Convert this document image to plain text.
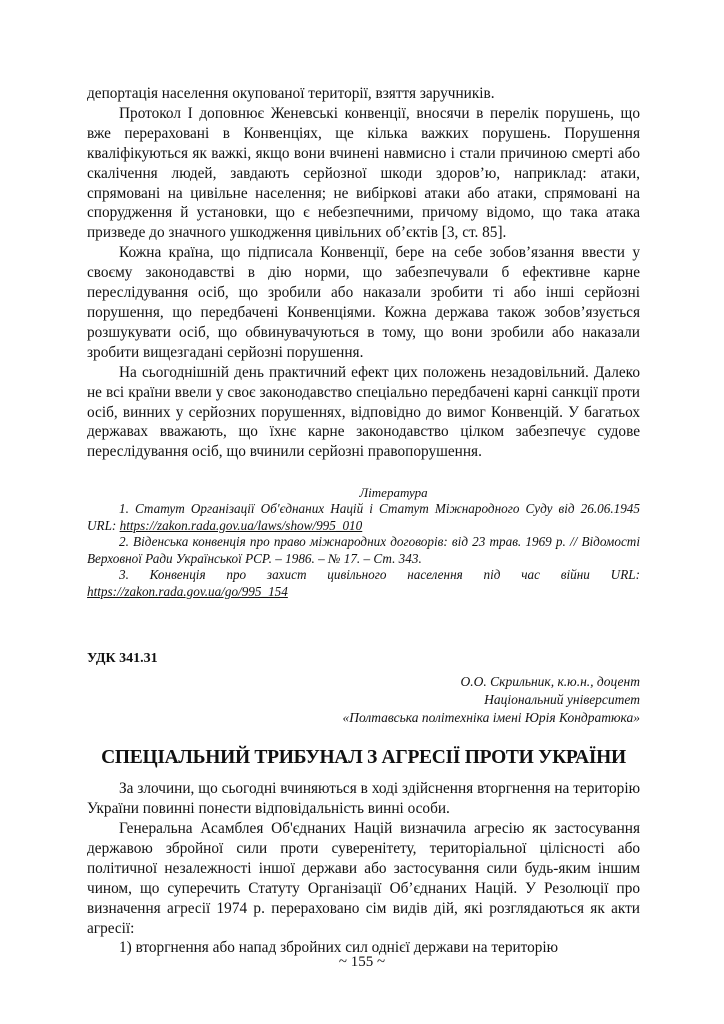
депортація населення окупованої території, взяття заручників.

Протокол І доповнює Женевські конвенції, вносячи в перелік порушень, що вже перераховані в Конвенціях, ще кілька важких порушень. Порушення кваліфікуються як важкі, якщо вони вчинені навмисно і стали причиною смерті або скалічення людей, завдають серйозної шкоди здоров’ю, наприклад: атаки, спрямовані на цивільне населення; не вибіркові атаки або атаки, спрямовані на спорудження й установки, що є небезпечними, причому відомо, що така атака призведе до значного ушкодження цивільних об’єктів [3, ст. 85].

Кожна країна, що підписала Конвенції, бере на себе зобов’язання ввести у своєму законодавстві в дію норми, що забезпечували б ефективне карне переслідування осіб, що зробили або наказали зробити ті або інші серйозні порушення, що передбачені Конвенціями. Кожна держава також зобов’язується розшукувати осіб, що обвинувачуються в тому, що вони зробили або наказали зробити вищезгадані серйозні порушення.

На сьогоднішній день практичний ефект цих положень незадовільний. Далеко не всі країни ввели у своє законодавство спеціально передбачені карні санкції проти осіб, винних у серйозних порушеннях, відповідно до вимог Конвенцій. У багатьох державах вважають, що їхнє карне законодавство цілком забезпечує судове переслідування осіб, що вчинили серйозні правопорушення.

Література

1. Статут Організації Об'єднаних Націй і Статут Міжнародного Суду від 26.06.1945 URL: https://zakon.rada.gov.ua/laws/show/995_010

2. Віденська конвенція про право міжнародних договорів: від 23 трав. 1969 р. // Відомості Верховної Ради Української РСР. – 1986. – № 17. – Ст. 343.

3. Конвенція про захист цивільного населення під час війни URL: https://zakon.rada.gov.ua/go/995_154

УДК 341.31
О.О. Скрильник, к.ю.н., доцент
Національний університет
«Полтавська політехніка імені Юрія Кондратюка»
СПЕЦІАЛЬНИЙ ТРИБУНАЛ З АГРЕСІЇ ПРОТИ УКРАЇНИ

За злочини, що сьогодні вчиняються в ході здійснення вторгнення на територію України повинні понести відповідальність винні особи.

Генеральна Асамблея Об'єднаних Націй визначила агресію як застосування державою збройної сили проти суверенітету, територіальної цілісності або політичної незалежності іншої держави або застосування сили будь-яким іншим чином, що суперечить Статуту Організації Об’єднаних Націй. У Резолюції про визначення агресії 1974 р. перераховано сім видів дій, які розглядаються як акти агресії:

1) вторгнення або напад збройних сил однієї держави на територію

~ 155 ~
